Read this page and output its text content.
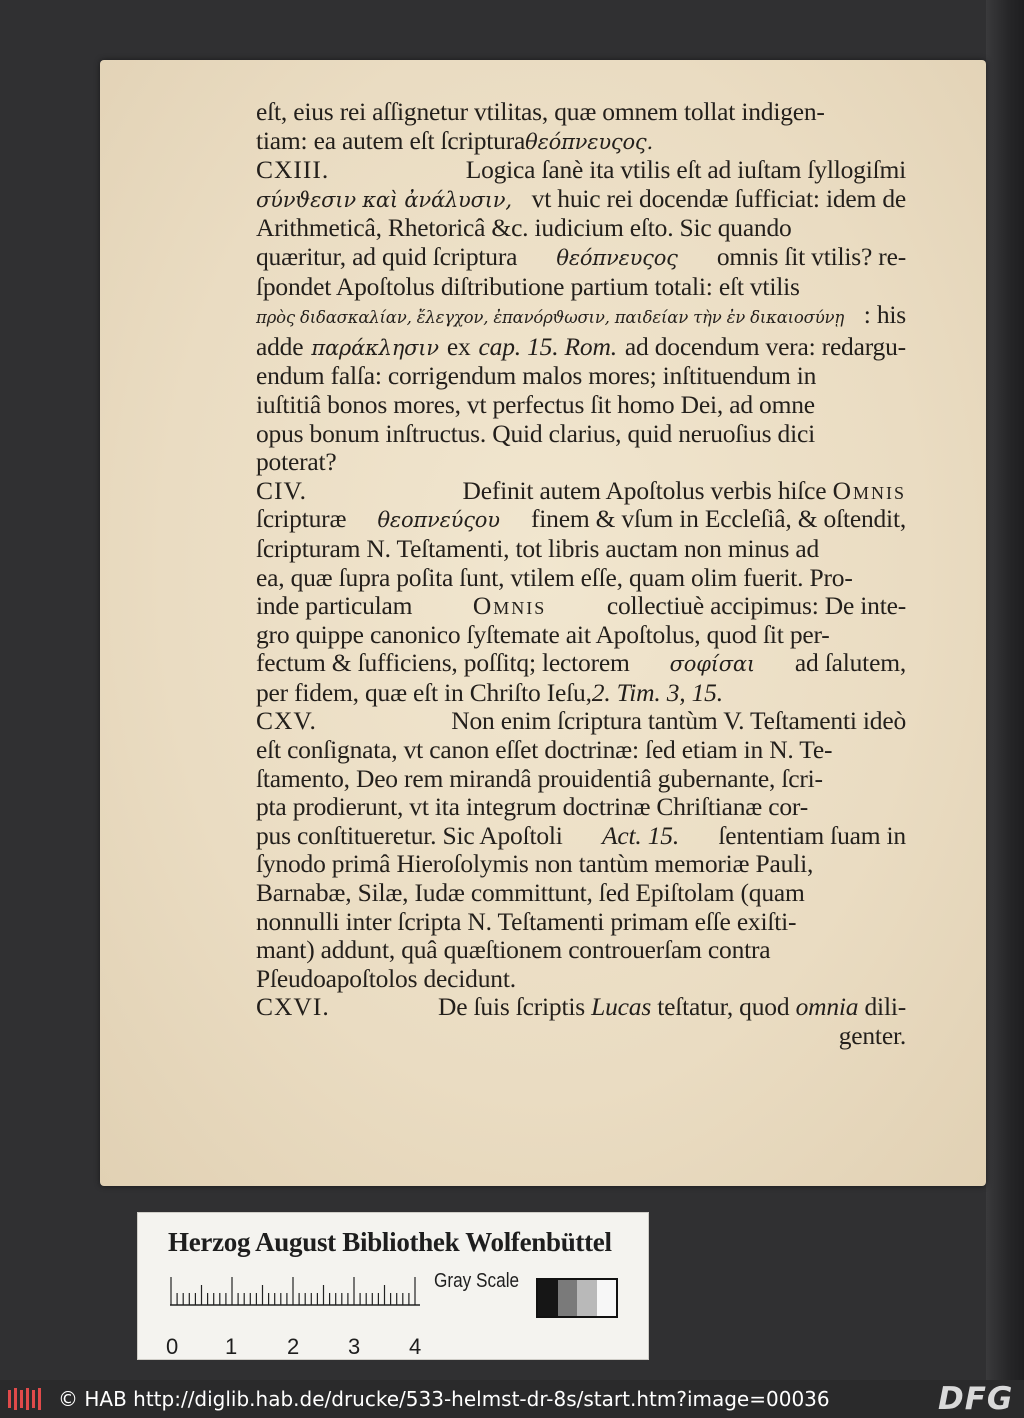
eſt, eius rei aſſignetur vtilitas, quæ omnem tollat indigen-
tiam: ea autem eſt ſcriptura θεόπνευςος.
CXIII.	Logica ſanè ita vtilis eſt ad iuſtam ſyllogiſmi
σύνϑεσιν καὶ ἀνάλυσιν, vt huic rei docendæ ſufficiat: idem de
Arithmeticâ, Rhetoricâ &c. iudicium eſto. Sic quando
quæritur, ad quid ſcriptura θεόπνευςος omnis ſit vtilis? re-
ſpondet Apoſtolus diſtributione partium totali: eſt vtilis
πρὸς διδασκαλίαν, ἔλεγχον, ἐπανόρϑωσιν, παιδείαν τὴν ἐν δικαιοσύνῃ : his
adde παράκλησιν ex cap. 15. Rom. ad docendum vera: redargu-
endum falſa: corrigendum malos mores; inſtituendum in
iuſtitiâ bonos mores, vt perfectus ſit homo Dei, ad omne
opus bonum inſtructus. Quid clarius, quid neruoſius dici
poterat?
CIV.	Definit autem Apoſtolus verbis hiſce Omnis
ſcripturæ θεοπνεύςου finem & vſum in Eccleſiâ, & oſtendit,
ſcripturam N. Teſtamenti, tot libris auctam non minus ad
ea, quæ ſupra poſita ſunt, vtilem eſſe, quam olim fuerit. Pro-
inde particulam Omnis collectiuè accipimus: De inte-
gro quippe canonico ſyſtemate ait Apoſtolus, quod ſit per-
fectum & ſufficiens, poſſitq; lectorem σοφίσαι ad ſalutem,
per fidem, quæ eſt in Chriſto Ieſu, 2. Tim. 3, 15.
CXV.	Non enim ſcriptura tantùm V. Teſtamenti ideò
eſt conſignata, vt canon eſſet doctrinæ: ſed etiam in N. Te-
ſtamento, Deo rem mirandâ prouidentiâ gubernante, ſcri-
pta prodierunt, vt ita integrum doctrinæ Chriſtianæ cor-
pus conſtitueretur. Sic Apoſtoli Act. 15. ſententiam ſuam in
ſynodo primâ Hieroſolymis non tantùm memoriæ Pauli,
Barnabæ, Silæ, Iudæ committunt, ſed Epiſtolam (quam
nonnulli inter ſcripta N. Teſtamenti primam eſſe exiſti-
mant) addunt, quâ quæſtionem controuerſam contra
Pſeudoapoſtolos decidunt.
CXVI.	De ſuis ſcriptis Lucas teſtatur, quod omnia dili-
genter.
Herzog August Bibliothek Wolfenbüttel
0 1 2 3 4
Gray Scale
© HAB http://diglib.hab.de/drucke/533-helmst-dr-8s/start.htm?image=00036	DFG
